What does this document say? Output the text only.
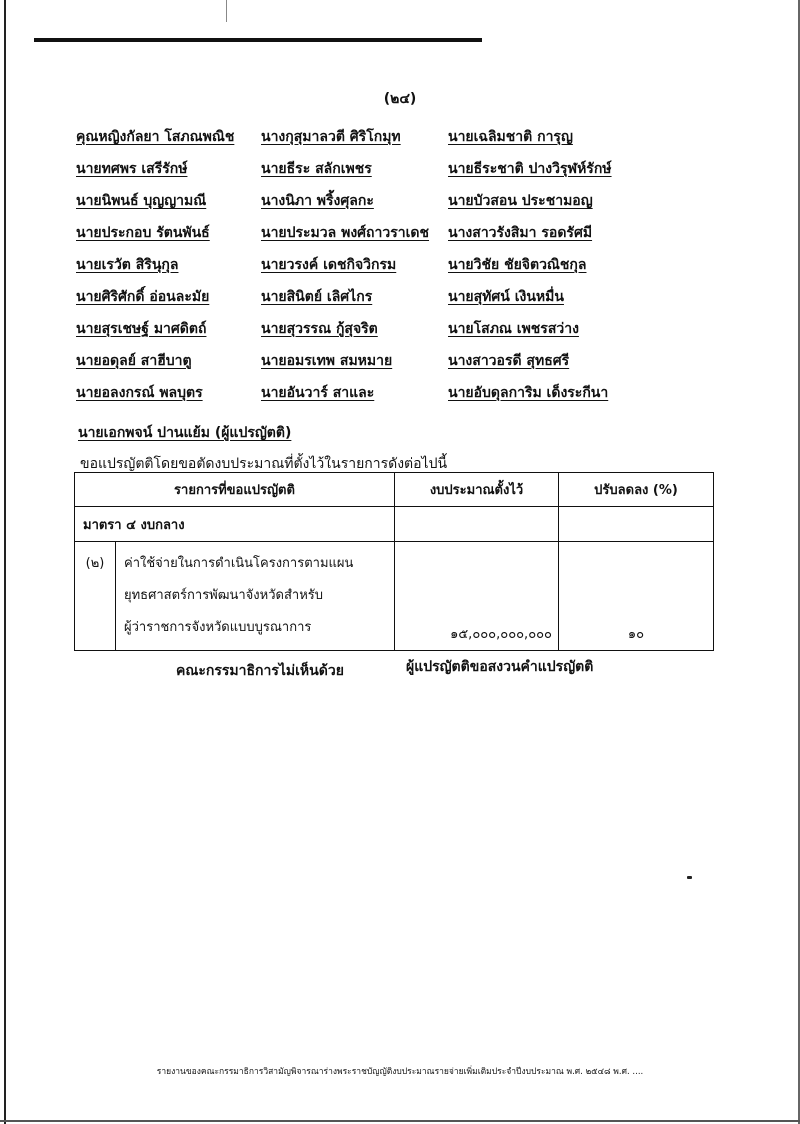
(๒๔)
คุณหญิงกัลยา โสภณพณิช	นางกุสุมาลวตี ศิริโกมุท	นายเฉลิมชาติ การุญ
นายทศพร เสรีรักษ์	นายธีระ สลักเพชร	นายธีระชาติ ปางวิรุฬห์รักษ์
นายนิพนธ์ บุญญามณี	นางนิภา พริ้งศุลกะ	นายบัวสอน ประชามอญ
นายประกอบ รัตนพันธ์	นายประมวล พงศ์ถาวราเดช	นางสาวรังสิมา รอดรัศมี
นายเรวัต สิรินุกุล	นายวรงค์ เดชกิจวิกรม	นายวิชัย ชัยจิตวณิชกุล
นายศิริศักดิ์ อ่อนละมัย	นายสินิตย์ เลิศไกร	นายสุทัศน์ เงินหมื่น
นายสุรเชษฐ์ มาศดิตถ์	นายสุวรรณ กู้สุจริต	นายโสภณ เพชรสว่าง
นายอดุลย์ สาฮีบาตู	นายอมรเทพ สมหมาย	นางสาวอรดี สุทธศรี
นายอลงกรณ์ พลบุตร	นายอันวาร์ สาและ	นายอับดุลการิม เด็งระกีนา
นายเอกพจน์ ปานแย้ม (ผู้แปรญัตติ)
ขอแปรญัตติโดยขอตัดงบประมาณที่ตั้งไว้ในรายการดังต่อไปนี้
รายการที่ขอแปรญัตติ		งบประมาณตั้งไว้	ปรับลดลง (%)
มาตรา ๔ งบกลาง			
(๒)	ค่าใช้จ่ายในการดำเนินโครงการตามแผน
ยุทธศาสตร์การพัฒนาจังหวัดสำหรับ
ผู้ว่าราชการจังหวัดแบบบูรณาการ	๑๕,๐๐๐,๐๐๐,๐๐๐	๑๐
คณะกรรมาธิการไม่เห็นด้วย	ผู้แปรญัตติขอสงวนคำแปรญัตติ
รายงานของคณะกรรมาธิการวิสามัญพิจารณาร่างพระราชบัญญัติงบประมาณรายจ่ายเพิ่มเติมประจำปีงบประมาณ พ.ศ. ๒๕๔๘ พ.ศ. ....
